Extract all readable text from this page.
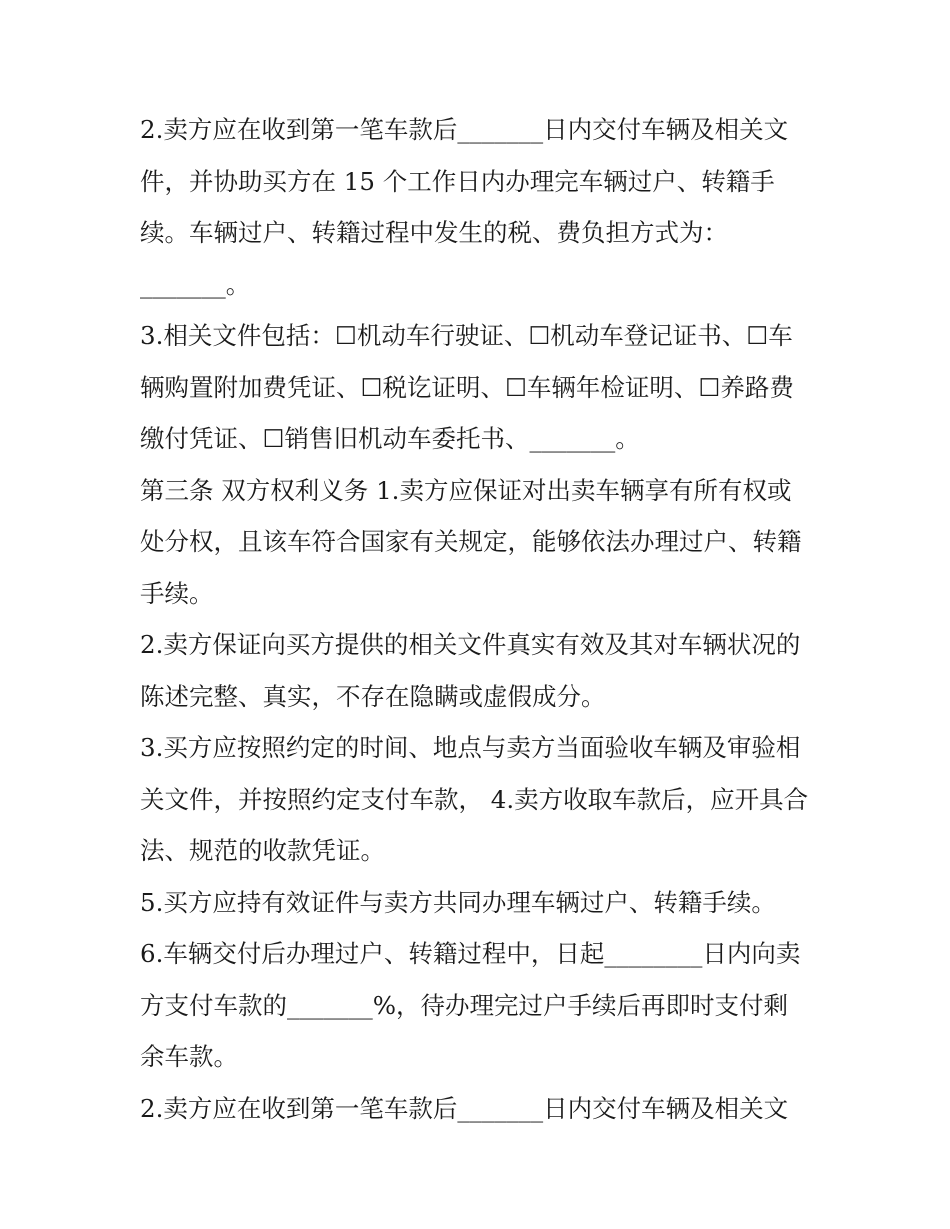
2.卖方应在收到第一笔车款后_______日内交付车辆及相关文
件，并协助买方在 15 个工作日内办理完车辆过户、转籍手
续。车辆过户、转籍过程中发生的税、费负担方式为：
_______。
3.相关文件包括：☐机动车行驶证、☐机动车登记证书、☐车
辆购置附加费凭证、☐税讫证明、☐车辆年检证明、☐养路费
缴付凭证、☐销售旧机动车委托书、_______。
第三条 双方权利义务 1.卖方应保证对出卖车辆享有所有权或
处分权，且该车符合国家有关规定，能够依法办理过户、转籍
手续。
2.卖方保证向买方提供的相关文件真实有效及其对车辆状况的
陈述完整、真实，不存在隐瞒或虚假成分。
3.买方应按照约定的时间、地点与卖方当面验收车辆及审验相
关文件，并按照约定支付车款， 4.卖方收取车款后，应开具合
法、规范的收款凭证。
5.买方应持有效证件与卖方共同办理车辆过户、转籍手续。
6.车辆交付后办理过户、转籍过程中，日起________日内向卖
方支付车款的_______%，待办理完过户手续后再即时支付剩
余车款。
2.卖方应在收到第一笔车款后_______日内交付车辆及相关文
